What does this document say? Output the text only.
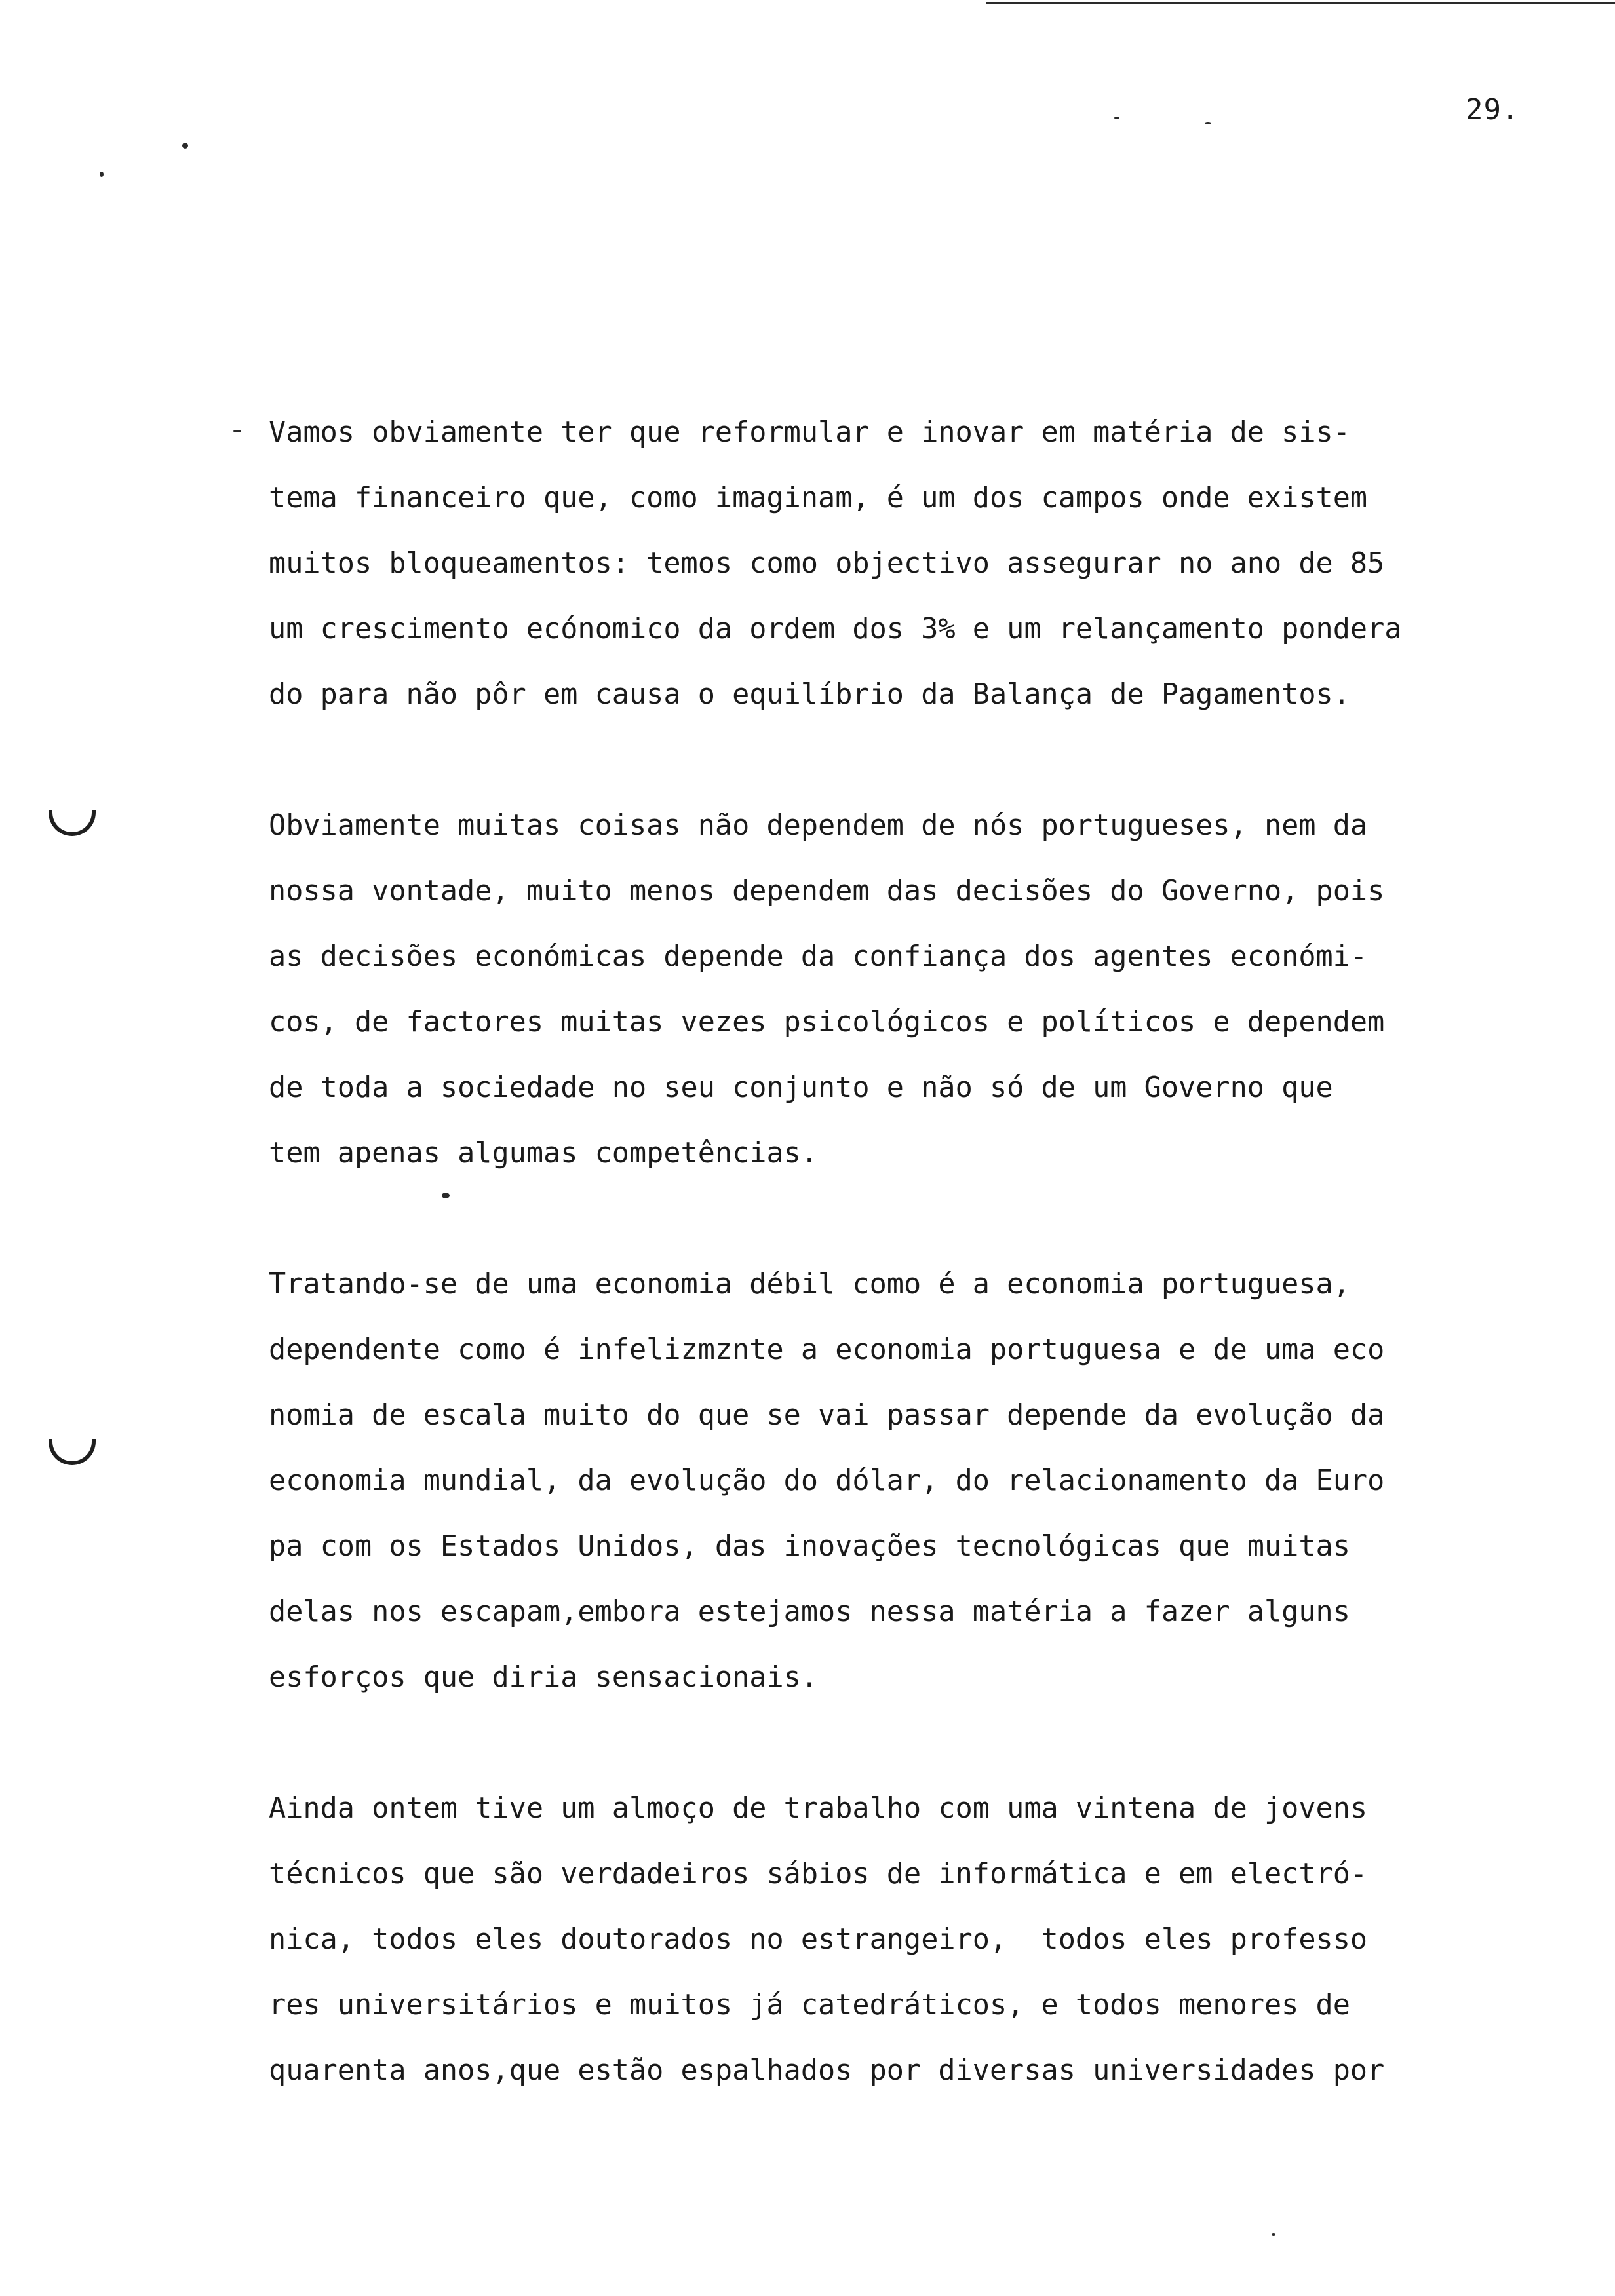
29.
Vamos obviamente ter que reformular e inovar em matéria de sis-
tema financeiro que, como imaginam, é um dos campos onde existem
muitos bloqueamentos: temos como objectivo assegurar no ano de 85
um crescimento ecónomico da ordem dos 3% e um relançamento ponderа
do para não pôr em causa o equilíbrio da Balança de Pagamentos.
Obviamente muitas coisas não dependem de nós portugueses, nem da
nossa vontade, muito menos dependem das decisões do Governo, pois
as decisões económicas depende da confiança dos agentes económi-
cos, de factores muitas vezes psicológicos e políticos e dependem
de toda a sociedade no seu conjunto e não só de um Governo que
tem apenas algumas competências.
Tratando-se de uma economia débil como é a economia portuguesa,
dependente como é infelizmznte a economia portuguesa e de uma eco
nomia de escala muito do que se vai passar depende da evolução da
economia mundial, da evolução do dólar, do relacionamento da Euro
pa com os Estados Unidos, das inovações tecnológicas que muitas
delas nos escapam,embora estejamos nessa matéria a fazer alguns
esforços que diria sensacionais.
Ainda ontem tive um almoço de trabalho com uma vintena de jovens
técnicos que são verdadeiros sábios de informática e em electró-
nica, todos eles doutorados no estrangeiro,  todos eles professo
res universitários e muitos já catedráticos, e todos menores de
quarenta anos,que estão espalhados por diversas universidades por
